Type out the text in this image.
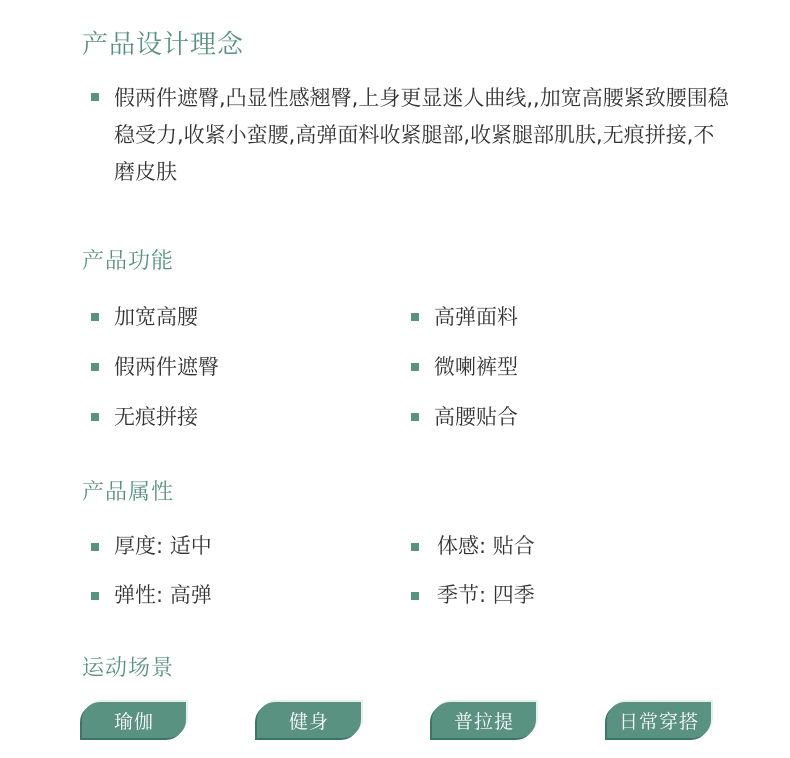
产品设计理念

假两件遮臀,凸显性感翘臀,上身更显迷人曲线,,加宽高腰紧致腰围稳稳受力,收紧小蛮腰,高弹面料收紧腿部,收紧腿部肌肤,无痕拼接,不磨皮肤

产品功能

加宽高腰	高弹面料

假两件遮臀	微喇裤型

无痕拼接	高腰贴合

产品属性

厚度: 适中	体感: 贴合

弹性: 高弹	季节: 四季

运动场景
瑜伽	健身	普拉提	日常穿搭
